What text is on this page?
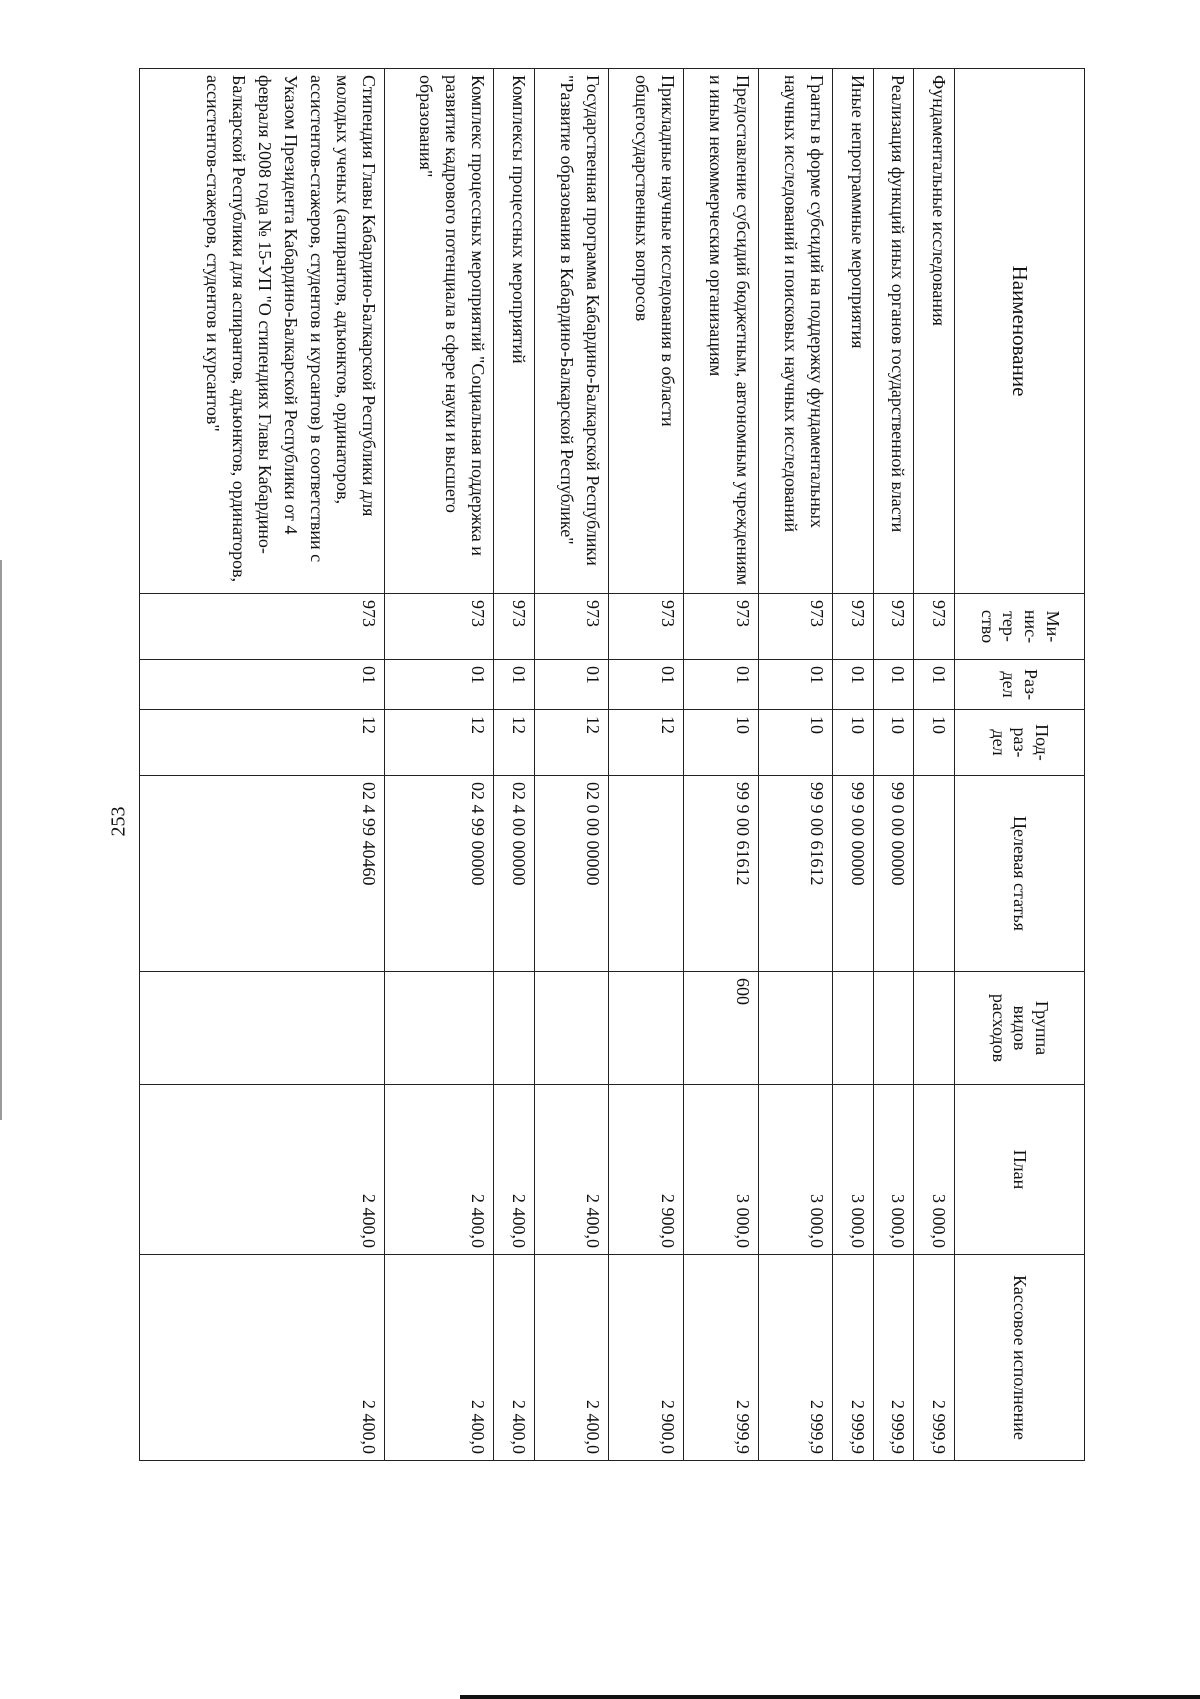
253
Наименование	Ми-нис-тер-ство	Раз-дел	Под-раз-дел	Целевая статья	Группа видов расходов	План	Кассовое исполнение
Фундаментальные исследования	973	01	10			3 000,0	2 999,9
Реализация функций иных органов государственной власти	973	01	10	99 0 00 00000		3 000,0	2 999,9
Иные непрограммные мероприятия	973	01	10	99 9 00 00000		3 000,0	2 999,9
Гранты в форме субсидий на поддержку фундаментальных научных исследований и поисковых научных исследований	973	01	10	99 9 00 61612		3 000,0	2 999,9
Предоставление субсидий бюджетным, автономным учреждениям и иным некоммерческим организациям	973	01	10	99 9 00 61612	600	3 000,0	2 999,9
Прикладные научные исследования в области общегосударственных вопросов	973	01	12			2 900,0	2 900,0
Государственная программа Кабардино-Балкарской Республики "Развитие образования в Кабардино-Балкарской Республике"	973	01	12	02 0 00 00000		2 400,0	2 400,0
Комплексы процессных мероприятий	973	01	12	02 4 00 00000		2 400,0	2 400,0
Комплекс процессных мероприятий "Социальная поддержка и развитие кадрового потенциала в сфере науки и высшего образования"	973	01	12	02 4 99 00000		2 400,0	2 400,0
Стипендия Главы Кабардино-Балкарской Республики для молодых ученых (аспирантов, адъюнктов, ординаторов, ассистентов-стажеров, студентов и курсантов) в соответствии с Указом Президента Кабардино-Балкарской Республики от 4 февраля 2008 года № 15-УП "О стипендиях Главы Кабардино-Балкарской Республики для аспирантов, адъюнктов, ординаторов, ассистентов-стажеров, студентов и курсантов"	973	01	12	02 4 99 40460		2 400,0	2 400,0
